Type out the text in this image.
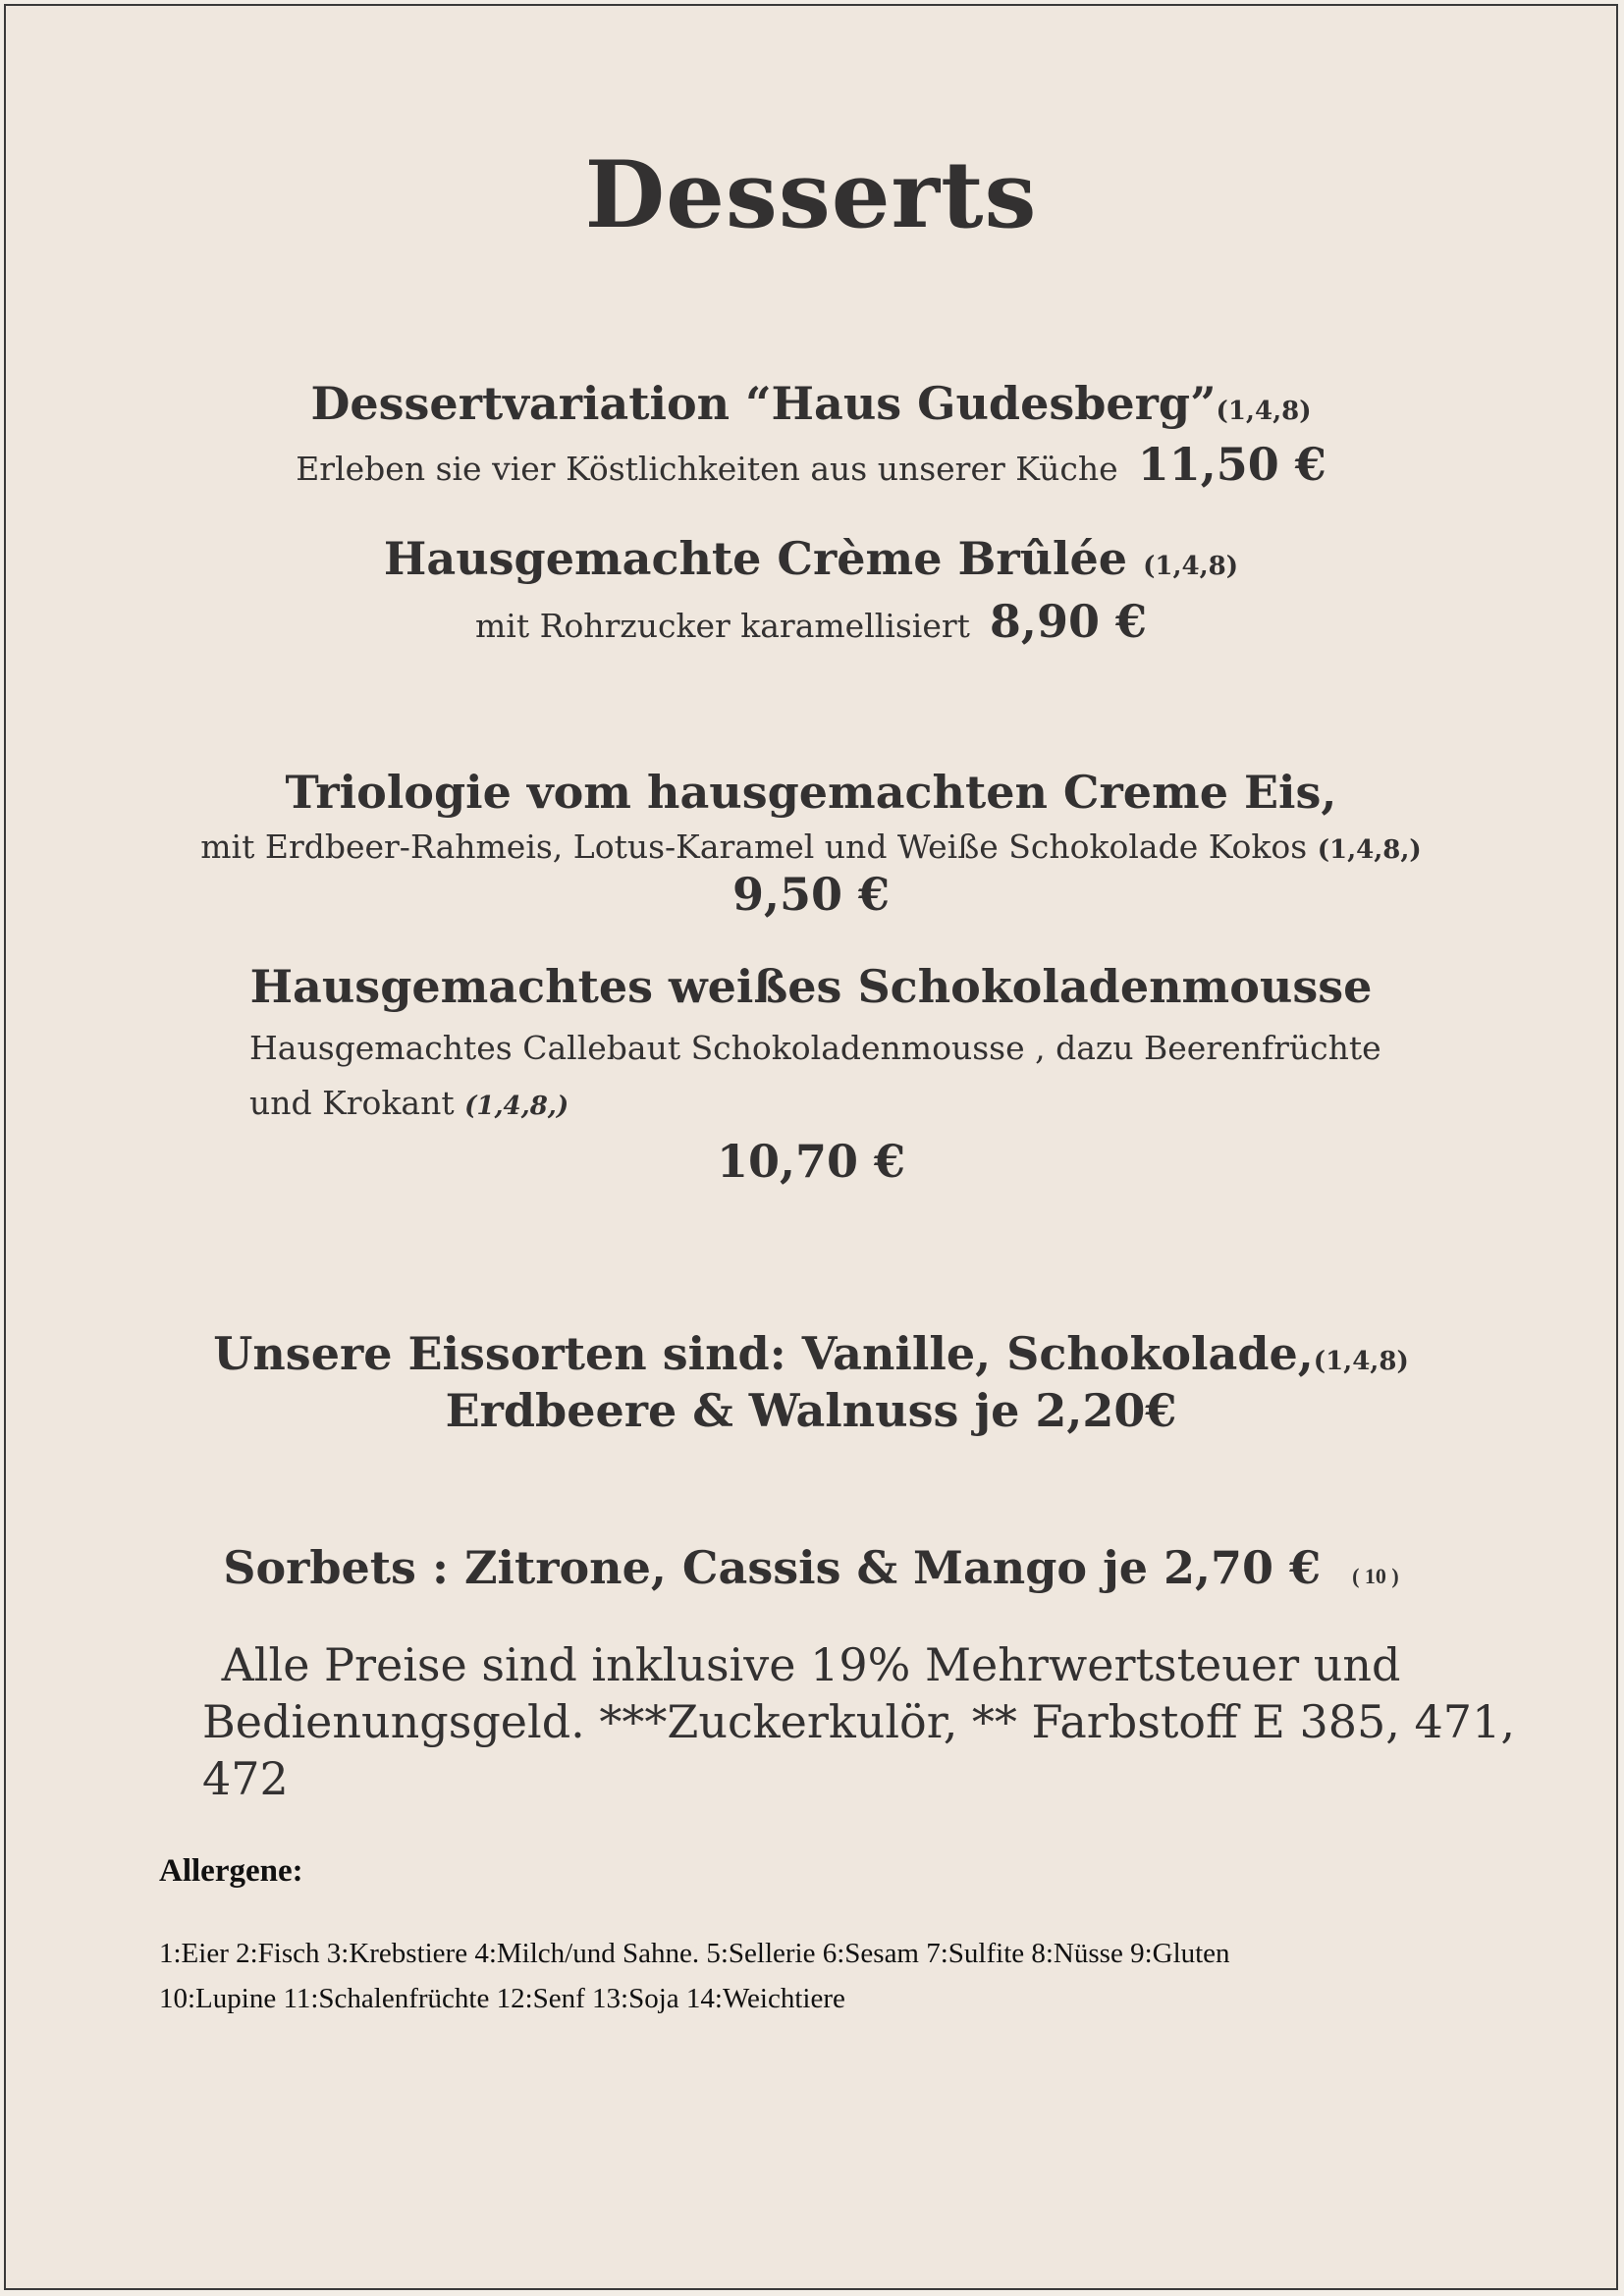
Desserts
Dessertvariation “Haus Gudesberg”(1,4,8)
Erleben sie vier Köstlichkeiten aus unserer Küche 11,50 €
Hausgemachte Crème Brûlée (1,4,8)
mit Rohrzucker karamellisiert 8,90 €
Triologie vom hausgemachten Creme Eis,
mit Erdbeer-Rahmeis, Lotus-Karamel und Weiße Schokolade Kokos (1,4,8,)
9,50 €
Hausgemachtes weißes Schokoladenmousse
Hausgemachtes Callebaut Schokoladenmousse , dazu Beerenfrüchte
und Krokant (1,4,8,)
10,70 €
Unsere Eissorten sind: Vanille, Schokolade,(1,4,8)
Erdbeere & Walnuss je 2,20€
Sorbets : Zitrone, Cassis & Mango je 2,70 € ( 10 )
Alle Preise sind inklusive 19% Mehrwertsteuer und
Bedienungsgeld. ***Zuckerkulör, ** Farbstoff E 385, 471,
472
Allergene:
1:Eier 2:Fisch 3:Krebstiere 4:Milch/und Sahne. 5:Sellerie 6:Sesam 7:Sulfite 8:Nüsse 9:Gluten
10:Lupine 11:Schalenfrüchte 12:Senf 13:Soja 14:Weichtiere
